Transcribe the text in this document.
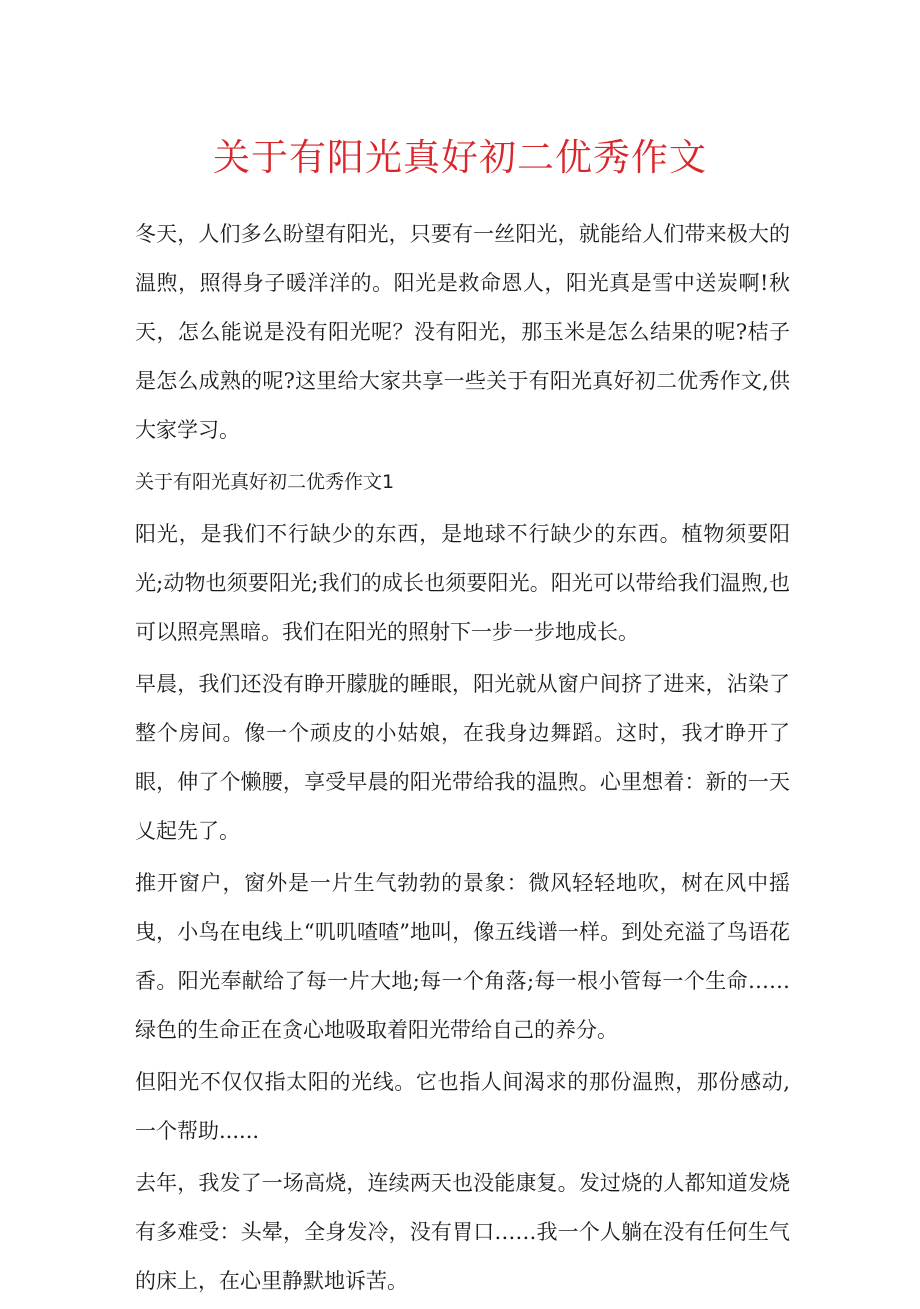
关于有阳光真好初二优秀作文

冬天，人们多么盼望有阳光，只要有一丝阳光，就能给人们带来极大的温煦，照得身子暖洋洋的。阳光是救命恩人，阳光真是雪中送炭啊!秋天，怎么能说是没有阳光呢？没有阳光，那玉米是怎么结果的呢?桔子是怎么成熟的呢?这里给大家共享一些关于有阳光真好初二优秀作文,供大家学习。

关于有阳光真好初二优秀作文1

阳光，是我们不行缺少的东西，是地球不行缺少的东西。植物须要阳光;动物也须要阳光;我们的成长也须要阳光。阳光可以带给我们温煦,也可以照亮黑暗。我们在阳光的照射下一步一步地成长。

早晨，我们还没有睁开朦胧的睡眼，阳光就从窗户间挤了进来，沾染了整个房间。像一个顽皮的小姑娘，在我身边舞蹈。这时，我才睁开了眼，伸了个懒腰，享受早晨的阳光带给我的温煦。心里想着：新的一天乂起先了。

推开窗户，窗外是一片生气勃勃的景象：微风轻轻地吹，树在风中摇曳，小鸟在电线上“叽叽喳喳”地叫，像五线谱一样。到处充溢了鸟语花香。阳光奉献给了每一片大地;每一个角落;每一根小管每一个生命……绿色的生命正在贪心地吸取着阳光带给自己的养分。

但阳光不仅仅指太阳的光线。它也指人间渴求的那份温煦，那份感动,一个帮助......

去年，我发了一场高烧，连续两天也没能康复。发过烧的人都知道发烧有多难受：头晕，全身发冷，没有胃口……我一个人躺在没有任何生气的床上，在心里静默地诉苦。
